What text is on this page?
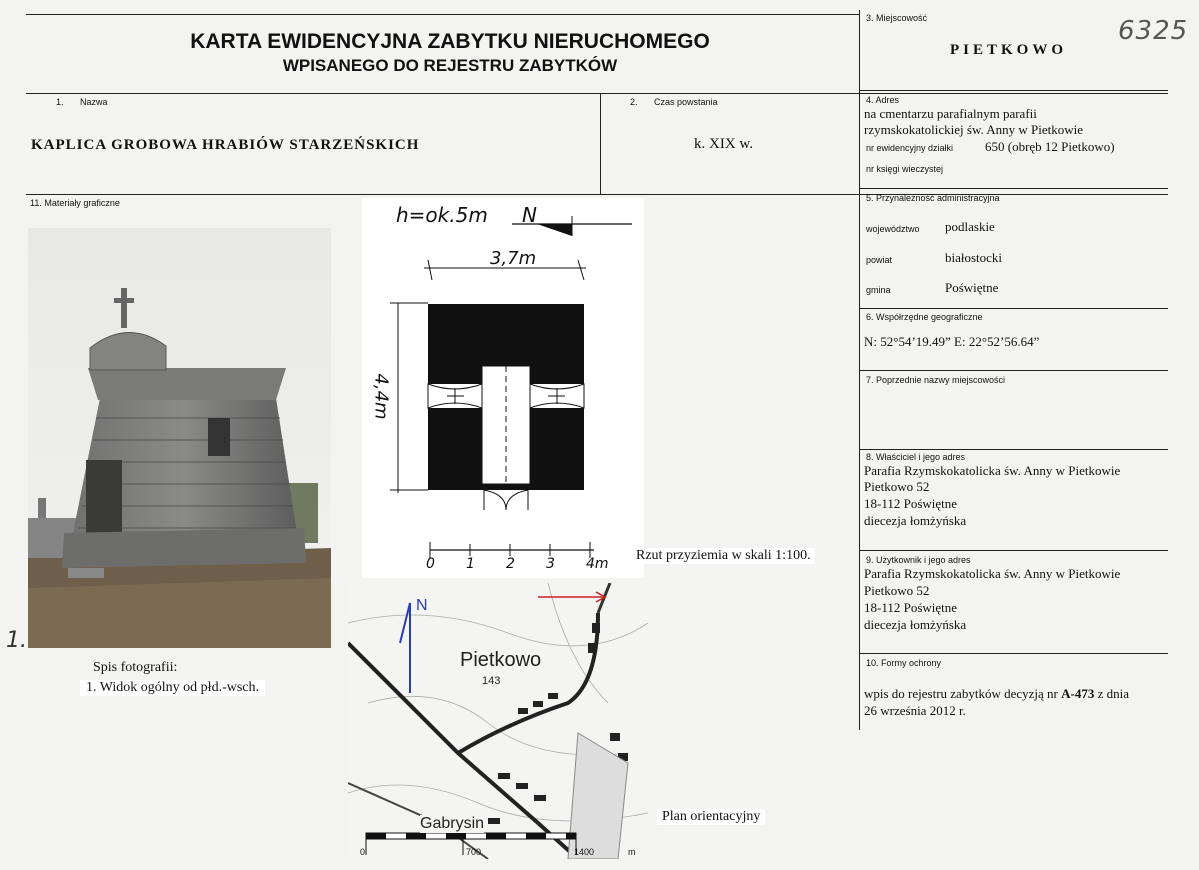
KARTA EWIDENCYJNA ZABYTKU NIERUCHOMEGO
WPISANEGO DO REJESTRU ZABYTKÓW
6325
3. Miejscowość
PIETKOWO
1. Nazwa
KAPLICA GROBOWA HRABIÓW STARZEŃSKICH
2. Czas powstania
k. XIX w.
4. Adres
na cmentarzu parafialnym parafii
rzymskokatolickiej św. Anny w Pietkowie
nr ewidencyjny działki 650 (obręb 12 Pietkowo)
nr księgi wieczystej
5. Przynależność administracyjna
województwo podlaskie
powiat	białostocki
gmina	Poświętne
6. Współrzędne geograficzne
N: 52°54’19.49” E: 22°52’56.64”
7. Poprzednie nazwy miejscowości
8. Właściciel i jego adres
Parafia Rzymskokatolicka św. Anny w Pietkowie
Pietkowo 52
18-112 Poświętne
diecezja łomżyńska
9. Użytkownik i jego adres
Parafia Rzymskokatolicka św. Anny w Pietkowie
Pietkowo 52
18-112 Poświętne
diecezja łomżyńska
10. Formy ochrony
wpis do rejestru zabytków decyzją nr A-473 z dnia
26 września 2012 r.
11. Materiały graficzne
1.
Spis fotografii:
1. Widok ogólny od płd.-wsch.
h=ok.5m N
3,7m
4,4m
0 1 2 3 4m
Rzut przyziemia w skali 1:100.
N
Pietkowo
143
Gabrysin
0	700	1400	m
Plan orientacyjny
